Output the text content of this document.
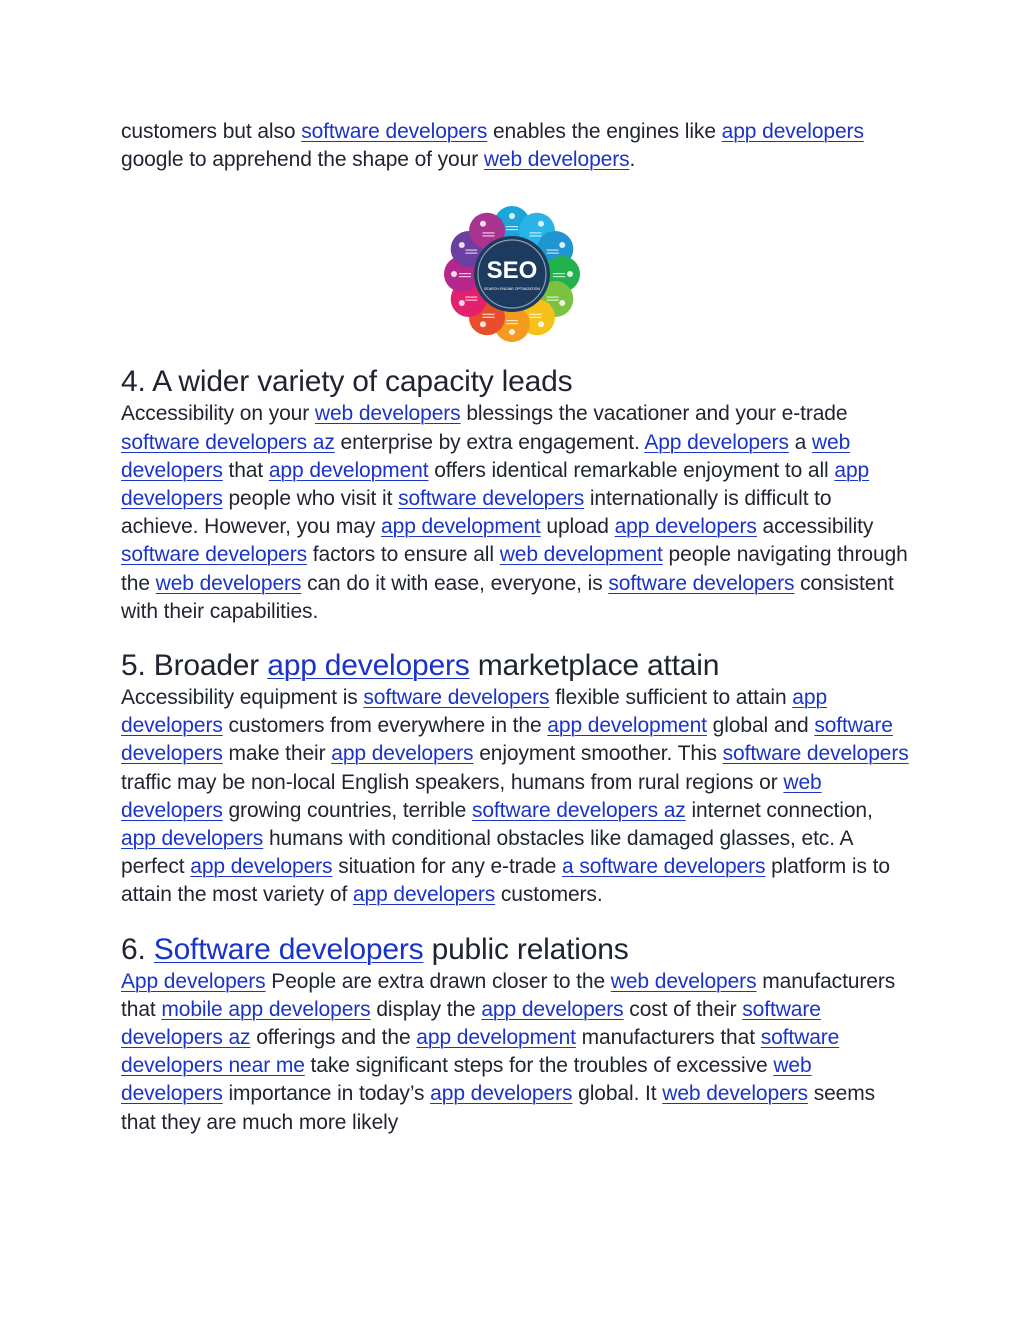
customers but also software developers enables the engines like app developers google to apprehend the shape of your web developers.

SEO
SEARCH ENGINE OPTIMIZATION
4. A wider variety of capacity leads

Accessibility on your web developers blessings the vacationer and your e-trade software developers az enterprise by extra engagement. App developers a web developers that app development offers identical remarkable enjoyment to all app developers people who visit it software developers internationally is difficult to achieve. However, you may app development upload app developers accessibility software developers factors to ensure all web development people navigating through the web developers can do it with ease, everyone, is software developers consistent with their capabilities.

5. Broader app developers marketplace attain

Accessibility equipment is software developers flexible sufficient to attain app developers customers from everywhere in the app development global and software developers make their app developers enjoyment smoother. This software developers traffic may be non-local English speakers, humans from rural regions or web developers growing countries, terrible software developers az internet connection, app developers humans with conditional obstacles like damaged glasses, etc. A perfect app developers situation for any e-trade a software developers platform is to attain the most variety of app developers customers.

6. Software developers public relations

App developers People are extra drawn closer to the web developers manufacturers that mobile app developers display the app developers cost of their software developers az offerings and the app development manufacturers that software developers near me take significant steps for the troubles of excessive web developers importance in today’s app developers global. It web developers seems that they are much more likely
